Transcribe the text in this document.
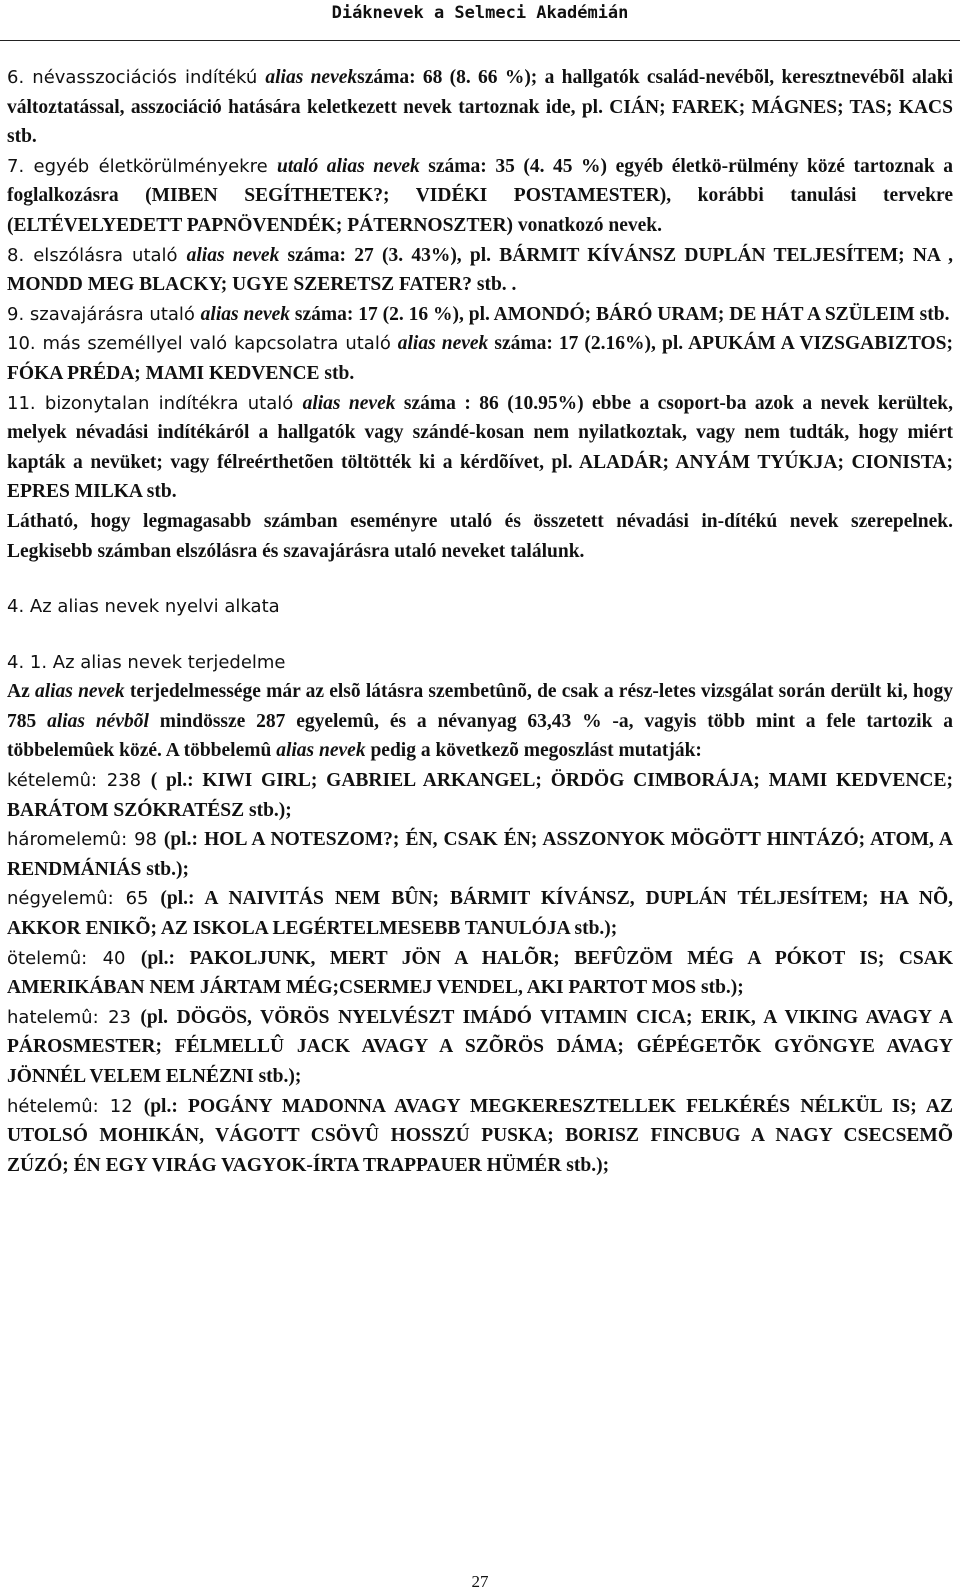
Diáknevek a Selmeci Akadémián

6. névasszociációs indítékú alias nevekszáma: 68 (8. 66 %); a hallgatók család-nevébõl, keresztnevébõl alaki változtatással, asszociáció hatására keletkezett nevek tartoznak ide, pl. CIÁN; FAREK; MÁGNES; TAS; KACS stb.

7. egyéb életkörülményekre utaló alias nevek száma: 35 (4. 45 %) egyéb életkö-rülmény közé tartoznak a foglalkozásra (MIBEN SEGÍTHETEK?; VIDÉKI POSTAMESTER), korábbi tanulási tervekre (ELTÉVELYEDETT PAPNÖVENDÉK; PÁTERNOSZTER) vonatkozó nevek.

8. elszólásra utaló alias nevek száma: 27 (3. 43%), pl. BÁRMIT KÍVÁNSZ DUPLÁN TELJESÍTEM; NA , MONDD MEG BLACKY; UGYE SZERETSZ FATER? stb. .

9. szavajárásra utaló alias nevek száma: 17 (2. 16 %), pl. AMONDÓ; BÁRÓ URAM; DE HÁT A SZÜLEIM stb.

10. más személlyel való kapcsolatra utaló alias nevek száma: 17 (2.16%), pl. APUKÁM A VIZSGABIZTOS; FÓKA PRÉDA; MAMI KEDVENCE stb.

11. bizonytalan indítékra utaló alias nevek száma : 86 (10.95%) ebbe a csoport-ba azok a nevek kerültek, melyek névadási indítékáról a hallgatók vagy szándé-kosan nem nyilatkoztak, vagy nem tudták, hogy miért kapták a nevüket; vagy félreérthetõen töltötték ki a kérdõívet, pl. ALADÁR; ANYÁM TYÚKJA; CIONISTA; EPRES MILKA stb.

Látható, hogy legmagasabb számban eseményre utaló és összetett névadási in-dítékú nevek szerepelnek. Legkisebb számban elszólásra és szavajárásra utaló neveket találunk.

4. Az alias nevek nyelvi alkata

4. 1. Az alias nevek terjedelme

Az alias nevek terjedelmessége már az elsõ látásra szembetûnõ, de csak a rész-letes vizsgálat során derült ki, hogy 785 alias névbõl mindössze 287 egyelemû, és a névanyag 63,43 % -a, vagyis több mint a fele tartozik a többelemûek közé. A többelemû alias nevek pedig a következõ megoszlást mutatják:

kételemû: 238 ( pl.: KIWI GIRL; GABRIEL ARKANGEL; ÖRDÖG CIMBORÁJA; MAMI KEDVENCE; BARÁTOM SZÓKRATÉSZ stb.);

háromelemû: 98 (pl.: HOL A NOTESZOM?; ÉN, CSAK ÉN; ASSZONYOK MÖGÖTT HINTÁZÓ; ATOM, A RENDMÁNIÁS stb.);

négyelemû: 65 (pl.: A NAIVITÁS NEM BÛN; BÁRMIT KÍVÁNSZ, DUPLÁN TÉLJESÍTEM; HA NÕ, AKKOR ENIKÕ; AZ ISKOLA LEGÉRTELMESEBB TANULÓJA stb.);

ötelemû: 40 (pl.: PAKOLJUNK, MERT JÖN A HALÕR; BEFÛZÖM MÉG A PÓKOT IS; CSAK AMERIKÁBAN NEM JÁRTAM MÉG;CSERMEJ VENDEL, AKI PARTOT MOS stb.);

hatelemû: 23 (pl. DÖGÖS, VÖRÖS NYELVÉSZT IMÁDÓ VITAMIN CICA; ERIK, A VIKING AVAGY A PÁROSMESTER; FÉLMELLÛ JACK AVAGY A SZÕRÖS DÁMA; GÉPÉGETÕK GYÖNGYE AVAGY JÖNNÉL VELEM ELNÉZNI stb.);

hételemû: 12 (pl.: POGÁNY MADONNA AVAGY MEGKERESZTELLEK FELKÉRÉS NÉLKÜL IS; AZ UTOLSÓ MOHIKÁN, VÁGOTT CSÖVÛ HOSSZÚ PUSKA; BORISZ FINCBUG A NAGY CSECSEMÕ ZÚZÓ; ÉN EGY VIRÁG VAGYOK-ÍRTA TRAPPAUER HÜMÉR stb.);

27
